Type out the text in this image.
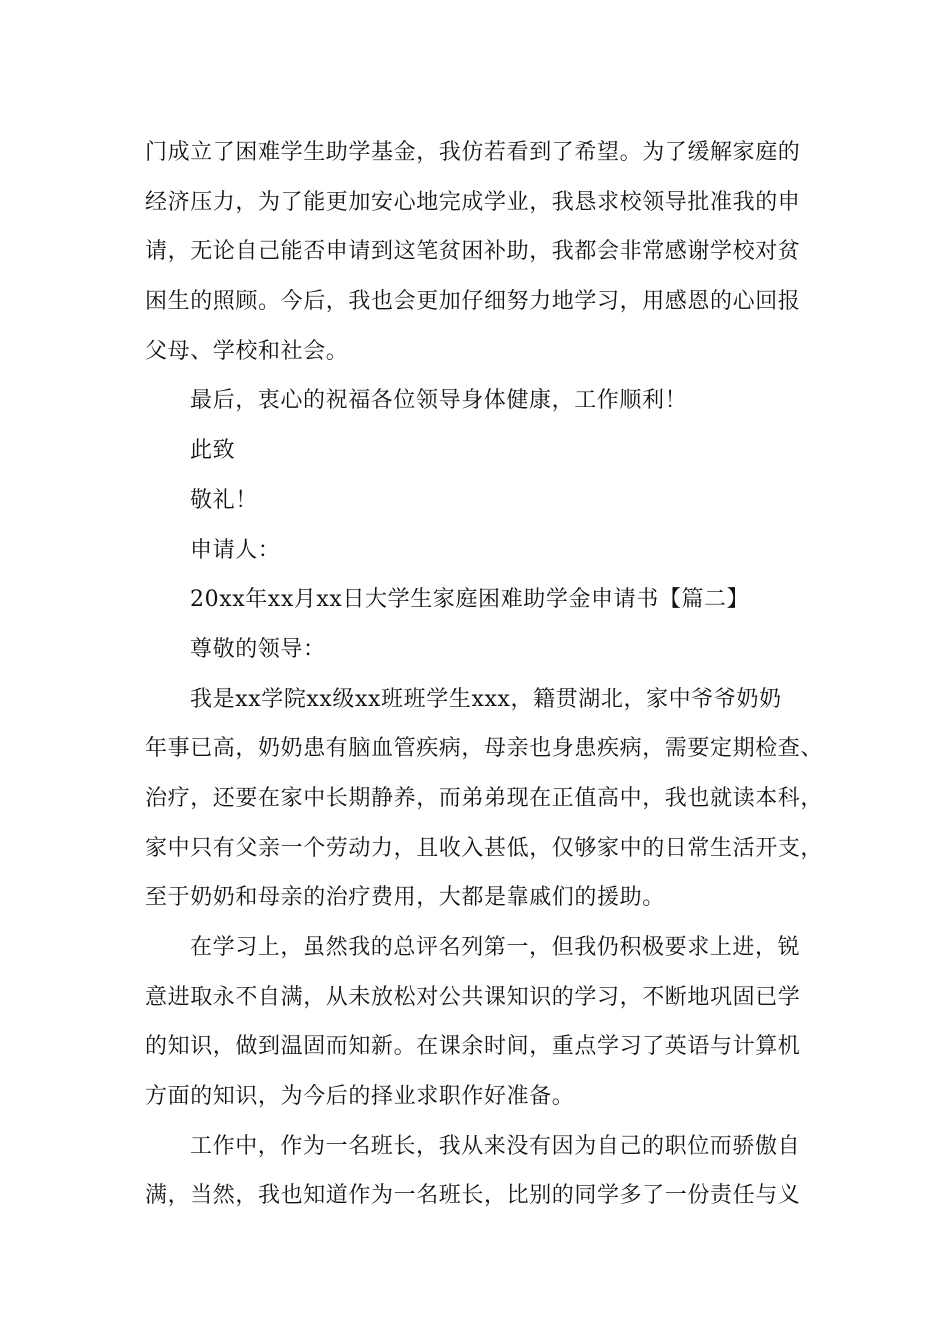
门成立了困难学生助学基金，我仿若看到了希望。为了缓解家庭的
经济压力，为了能更加安心地完成学业，我恳求校领导批准我的申
请，无论自己能否申请到这笔贫困补助，我都会非常感谢学校对贫
困生的照顾。今后，我也会更加仔细努力地学习，用感恩的心回报
父母、学校和社会。
最后，衷心的祝福各位领导身体健康，工作顺利！
此致
敬礼！
申请人：
20xx年xx月xx日大学生家庭困难助学金申请书【篇二】
尊敬的领导：
我是xx学院xx级xx班班学生xxx，籍贯湖北，家中爷爷奶奶
年事已高，奶奶患有脑血管疾病，母亲也身患疾病，需要定期检查、
治疗，还要在家中长期静养，而弟弟现在正值高中，我也就读本科，
家中只有父亲一个劳动力，且收入甚低，仅够家中的日常生活开支，
至于奶奶和母亲的治疗费用，大都是靠戚们的援助。
在学习上，虽然我的总评名列第一，但我仍积极要求上进，锐
意进取永不自满，从未放松对公共课知识的学习，不断地巩固已学
的知识，做到温固而知新。在课余时间，重点学习了英语与计算机
方面的知识，为今后的择业求职作好准备。
工作中，作为一名班长，我从来没有因为自己的职位而骄傲自
满，当然，我也知道作为一名班长，比别的同学多了一份责任与义
